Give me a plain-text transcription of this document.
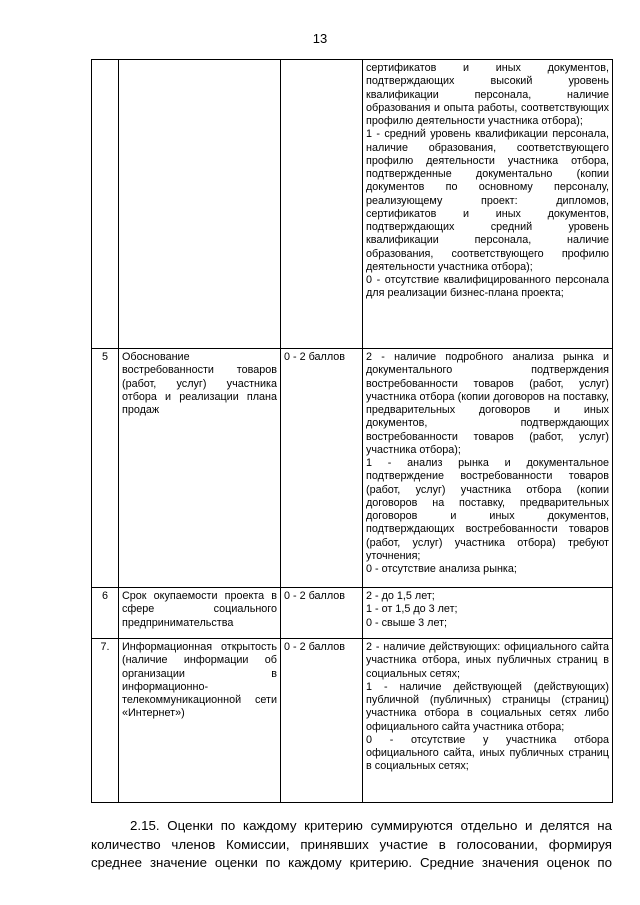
13

			сертификатов и иных документов, подтверждающих высокий уровень квалификации персонала, наличие образования и опыта работы, соответствующих профилю деятельности участника отбора);
1 - средний уровень квалификации персонала, наличие образования, соответствующего профилю деятельности участника отбора, подтвержденные документально (копии документов по основному персоналу, реализующему проект: дипломов, сертификатов и иных документов, подтверждающих средний уровень квалификации персонала, наличие образования, соответствующего профилю деятельности участника отбора);
0 - отсутствие квалифицированного персонала для реализации бизнес-плана проекта;

5	Обоснование востребованности товаров (работ, услуг) участника отбора и реализации плана продаж	0 - 2 баллов	2 - наличие подробного анализа рынка и документального подтверждения востребованности товаров (работ, услуг) участника отбора (копии договоров на поставку, предварительных договоров и иных документов, подтверждающих востребованности товаров (работ, услуг) участника отбора);
1 - анализ рынка и документальное подтверждение востребованности товаров (работ, услуг) участника отбора (копии договоров на поставку, предварительных договоров и иных документов, подтверждающих востребованности товаров (работ, услуг) участника отбора) требуют уточнения;
0 - отсутствие анализа рынка;

6	Срок окупаемости проекта в сфере социального предпринимательства	0 - 2 баллов	2 - до 1,5 лет;
1 - от 1,5 до 3 лет;
0 - свыше 3 лет;

7.	Информационная открытость (наличие информации об организации в информационно-телекоммуникационной сети «Интернет»)	0 - 2 баллов	2 - наличие действующих: официального сайта участника отбора, иных публичных страниц в социальных сетях;
1 - наличие действующей (действующих) публичной (публичных) страницы (страниц) участника отбора в социальных сетях либо официального сайта участника отбора;
0 - отсутствие у участника отбора официального сайта, иных публичных страниц в социальных сетях;
2.15. Оценки по каждому критерию суммируются отдельно и делятся на
количество членов Комиссии, принявших участие в голосовании, формируя
среднее значение оценки по каждому критерию. Средние значения оценок по
